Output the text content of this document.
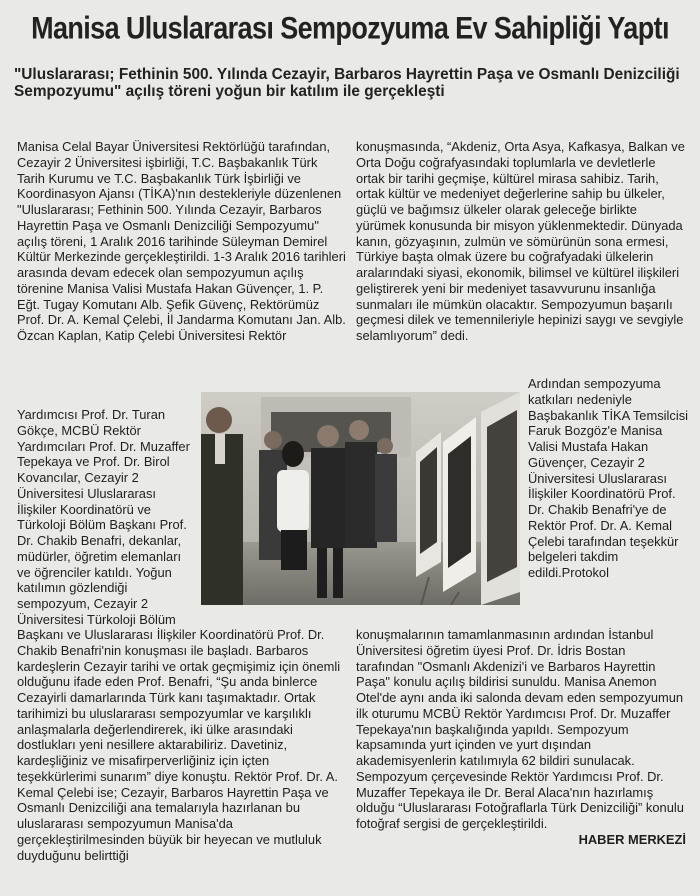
Manisa Uluslararası Sempozyuma Ev Sahipliği Yaptı
"Uluslararası; Fethinin 500. Yılında Cezayir, Barbaros Hayrettin Paşa ve Osmanlı Denizciliği Sempozyumu" açılış töreni yoğun bir katılım ile gerçekleşti

Manisa Celal Bayar Üniversitesi Rektörlüğü tarafından, Cezayir 2 Üniversitesi işbirliği, T.C. Başbakanlık Türk Tarih Kurumu ve T.C. Başbakanlık Türk İşbirliği ve Koordinasyon Ajansı (TİKA)'nın destekleriyle düzenlenen "Uluslararası; Fethinin 500. Yılında Cezayir, Barbaros Hayrettin Paşa ve Osmanlı Denizciliği Sempozyumu" açılış töreni, 1 Aralık 2016 tarihinde Süleyman Demirel Kültür Merkezinde gerçekleştirildi. 1-3 Aralık 2016 tarihleri arasında devam edecek olan sempozyumun açılış törenine Manisa Valisi Mustafa Hakan Güvençer, 1. P. Eğt. Tugay Komutanı Alb. Şefik Güvenç, Rektörümüz Prof. Dr. A. Kemal Çelebi, İl Jandarma Komutanı Jan. Alb. Özcan Kaplan, Katip Çelebi Üniversitesi Rektör

Yardımcısı Prof. Dr. Turan Gökçe, MCBÜ Rektör Yardımcıları Prof. Dr. Muzaffer Tepekaya ve Prof. Dr. Birol Kovancılar, Cezayir 2 Üniversitesi Uluslararası İlişkiler Koordinatörü ve Türkoloji Bölüm Başkanı Prof. Dr. Chakib Benafri, dekanlar, müdürler, öğretim elemanları ve öğrenciler katıldı. Yoğun katılımın gözlendiği sempozyum, Cezayir 2 Üniversitesi Türkoloji Bölüm

Başkanı ve Uluslararası İlişkiler Koordinatörü Prof. Dr. Chakib Benafri'nin konuşması ile başladı. Barbaros kardeşlerin Cezayir tarihi ve ortak geçmişimiz için önemli olduğunu ifade eden Prof. Benafri, “Şu anda binlerce Cezayirli damarlarında Türk kanı taşımaktadır. Ortak tarihimizi bu uluslararası sempozyumlar ve karşılıklı anlaşmalarla değerlendirerek, iki ülke arasındaki dostlukları yeni nesillere aktarabiliriz. Davetiniz, kardeşliğiniz ve misafirperverliğiniz için içten teşekkürlerimi sunarım” diye konuştu. Rektör Prof. Dr. A. Kemal Çelebi ise; Cezayir, Barbaros Hayrettin Paşa ve Osmanlı Denizciliği ana temalarıyla hazırlanan bu uluslararası sempozyumun Manisa'da gerçekleştirilmesinden büyük bir heyecan ve mutluluk duyduğunu belirttiği

konuşmasında, “Akdeniz, Orta Asya, Kafkasya, Balkan ve Orta Doğu coğrafyasındaki toplumlarla ve devletlerle ortak bir tarihi geçmişe, kültürel mirasa sahibiz. Tarih, ortak kültür ve medeniyet değerlerine sahip bu ülkeler, güçlü ve bağımsız ülkeler olarak geleceğe birlikte yürümek konusunda bir misyon yüklenmektedir. Dünyada kanın, gözyaşının, zulmün ve sömürünün sona ermesi, Türkiye başta olmak üzere bu coğrafyadaki ülkelerin aralarındaki siyasi, ekonomik, bilimsel ve kültürel ilişkileri geliştirerek yeni bir medeniyet tasavvurunu insanlığa sunmaları ile mümkün olacaktır. Sempozyumun başarılı geçmesi dilek ve temennileriyle hepinizi saygı ve sevgiyle selamlıyorum” dedi.

Ardından sempozyuma katkıları nedeniyle Başbakanlık TİKA Temsilcisi Faruk Bozgöz'e Manisa Valisi Mustafa Hakan Güvençer, Cezayir 2 Üniversitesi Uluslararası İlişkiler Koordinatörü Prof. Dr. Chakib Benafri'ye de Rektör Prof. Dr. A. Kemal Çelebi tarafından teşekkür belgeleri takdim edildi.Protokol

konuşmalarının tamamlanmasının ardından İstanbul Üniversitesi öğretim üyesi Prof. Dr. İdris Bostan tarafından "Osmanlı Akdenizi'i ve Barbaros Hayrettin Paşa" konulu açılış bildirisi sunuldu. Manisa Anemon Otel'de aynı anda iki salonda devam eden sempozyumun ilk oturumu MCBÜ Rektör Yardımcısı Prof. Dr. Muzaffer Tepekaya'nın başkalığında yapıldı. Sempozyum kapsamında yurt içinden ve yurt dışından akademisyenlerin katılımıyla 62 bildiri sunulacak. Sempozyum çerçevesinde Rektör Yardımcısı Prof. Dr. Muzaffer Tepekaya ile Dr. Beral Alaca'nın hazırlamış olduğu “Uluslararası Fotoğraflarla Türk Denizciliği” konulu fotoğraf sergisi de gerçekleştirildi.

HABER MERKEZİ
